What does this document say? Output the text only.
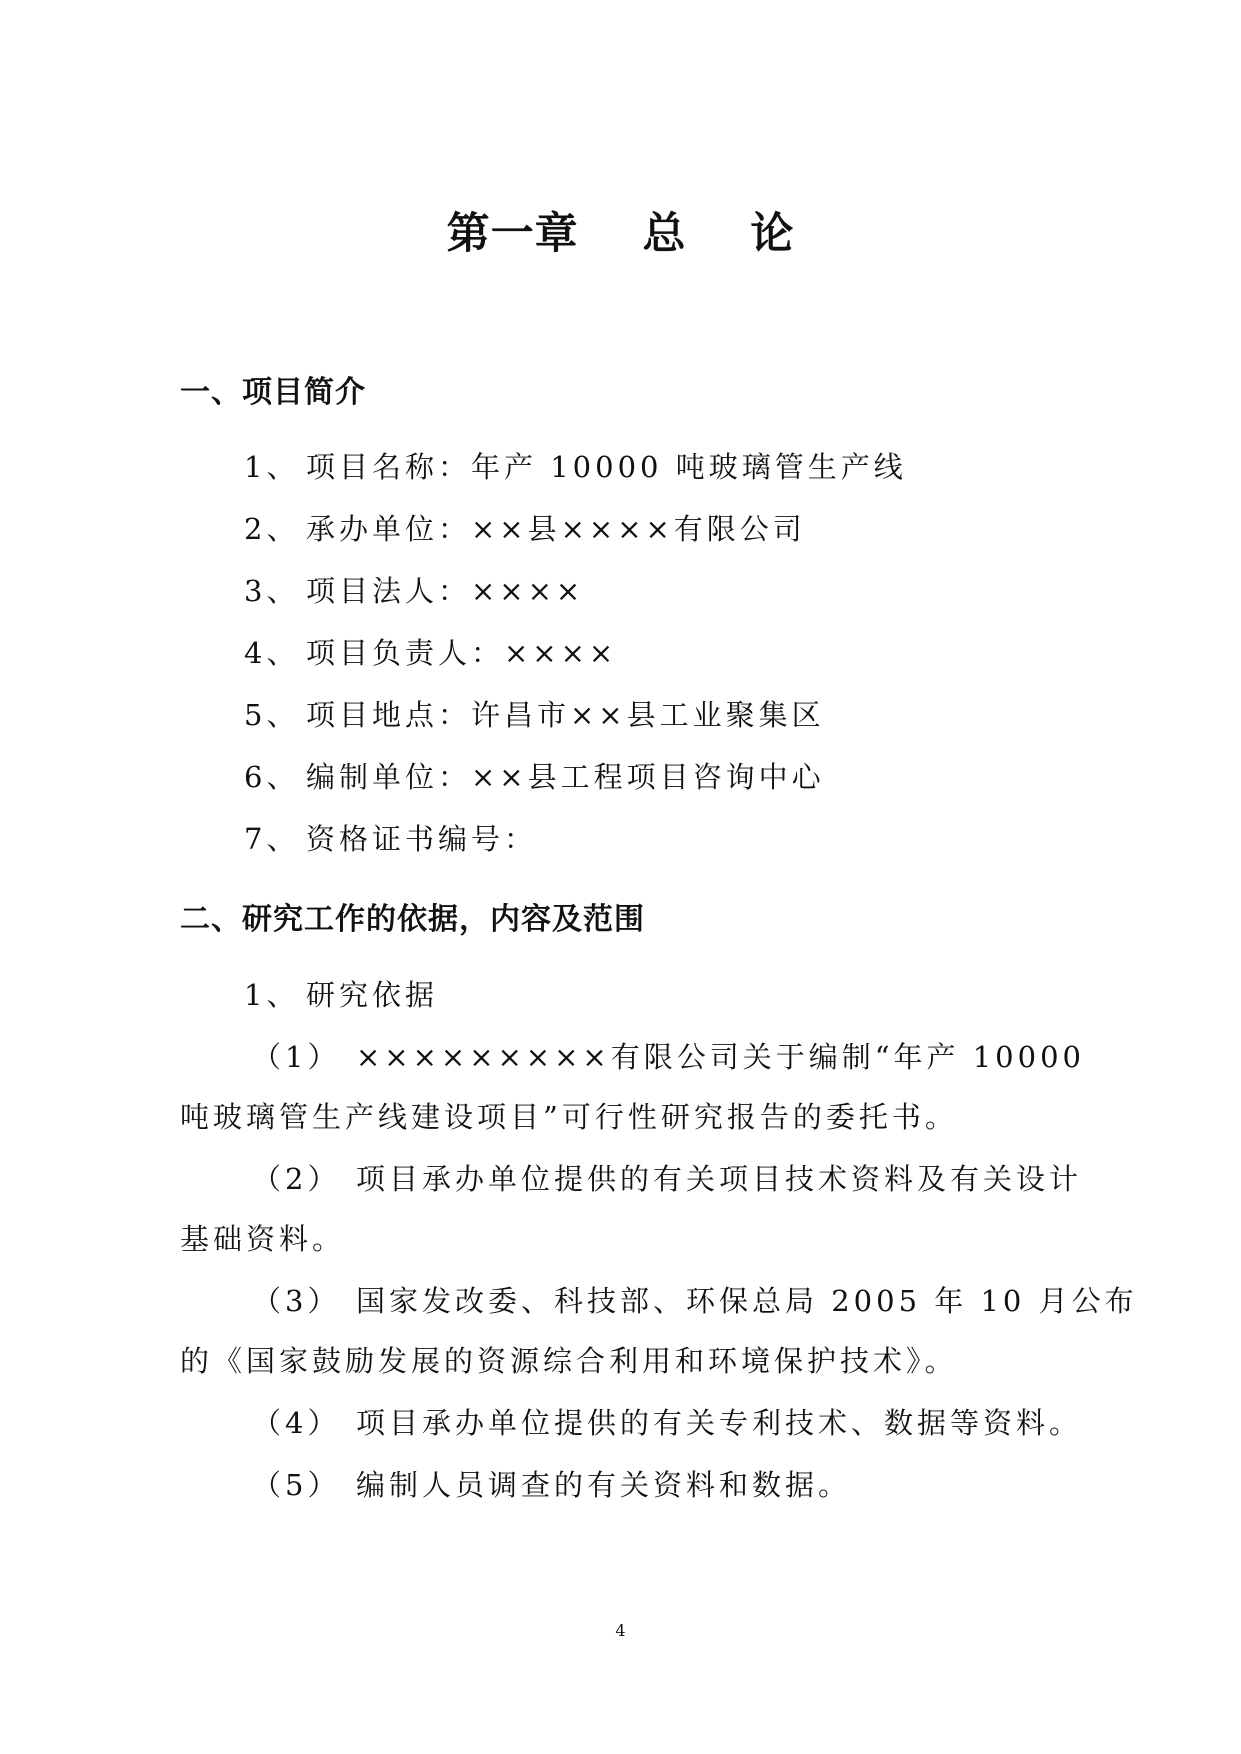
第一章    总    论
一、项目简介
1、 项目名称：年产 10000 吨玻璃管生产线
2、 承办单位：××县××××有限公司
3、 项目法人：××××
4、 项目负责人：××××
5、 项目地点：许昌市××县工业聚集区
6、 编制单位：××县工程项目咨询中心
7、 资格证书编号：
二、研究工作的依据，内容及范围
1、 研究依据
（1） ×××××××××有限公司关于编制“年产 10000
吨玻璃管生产线建设项目”可行性研究报告的委托书。
（2） 项目承办单位提供的有关项目技术资料及有关设计
基础资料。
（3） 国家发改委、科技部、环保总局 2005 年 10 月公布
的《国家鼓励发展的资源综合利用和环境保护技术》。
（4） 项目承办单位提供的有关专利技术、数据等资料。
（5） 编制人员调查的有关资料和数据。
4
